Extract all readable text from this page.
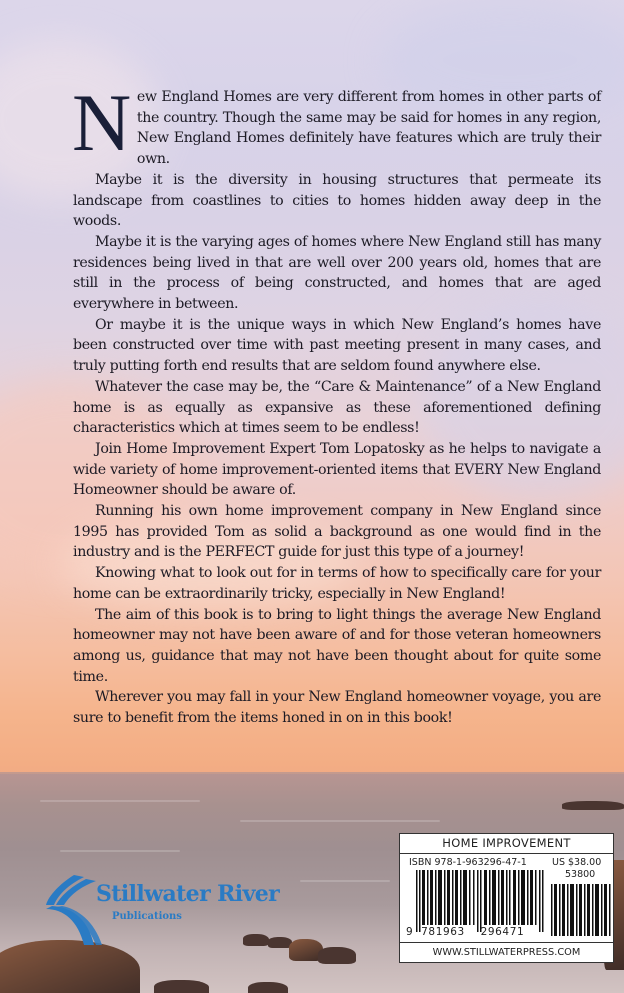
New England Homes are very different from homes in other parts of the country. Though the same may be said for homes in any region, New England Homes definitely have features which are truly their own.

Maybe it is the diversity in housing structures that permeate its landscape from coastlines to cities to homes hidden away deep in the woods.

Maybe it is the varying ages of homes where New England still has many residences being lived in that are well over 200 years old, homes that are still in the process of being constructed, and homes that are aged everywhere in between.

Or maybe it is the unique ways in which New England’s homes have been constructed over time with past meeting present in many cases, and truly putting forth end results that are seldom found anywhere else.

Whatever the case may be, the “Care & Maintenance” of a New England home is as equally as expansive as these aforementioned defining characteristics which at times seem to be endless!

Join Home Improvement Expert Tom Lopatosky as he helps to navigate a wide variety of home improvement-oriented items that EVERY New England Homeowner should be aware of.

Running his own home improvement company in New England since 1995 has provided Tom as solid a background as one would find in the industry and is the PERFECT guide for just this type of a journey!

Knowing what to look out for in terms of how to specifically care for your home can be extraordinarily tricky, especially in New England!

The aim of this book is to bring to light things the average New England homeowner may not have been aware of and for those veteran homeowners among us, guidance that may not have been thought about for quite some time.

Wherever you may fall in your New England homeowner voyage, you are sure to benefit from the items honed in on in this book!

Stillwater River
Publications
HOME IMPROVEMENT
ISBN 978-1-963296-47-1	US $38.00
53800
9  781963    296471
WWW.STILLWATERPRESS.COM
